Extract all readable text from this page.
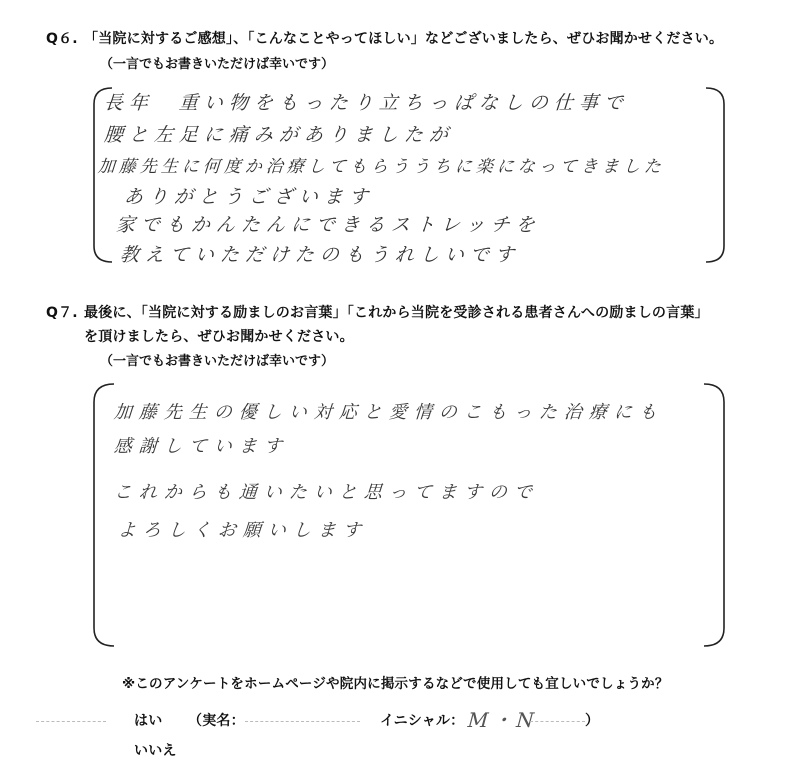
Q６. 「当院に対するご感想」、「こんなことやってほしい」などございましたら、ぜひお聞かせください。
（一言でもお書きいただけば幸いです）
長年　重い物をもったり立ちっぱなしの仕事で
腰と左足に痛みがありましたが
加藤先生に何度か治療してもらううちに楽になってきました
ありがとうございます
家でもかんたんにできるストレッチを
教えていただけたのもうれしいです
Q７. 最後に、「当院に対する励ましのお言葉」「これから当院を受診される患者さんへの励ましの言葉」
を頂けましたら、ぜひお聞かせください。
（一言でもお書きいただけば幸いです）
加藤先生の優しい対応と愛情のこもった治療にも
感謝しています
これからも通いたいと思ってますので
よろしくお願いします
※このアンケートをホームページや院内に掲示するなどで使用しても宜しいでしょうか？
はい （実名：	イニシャル： M・N	）
いいえ
